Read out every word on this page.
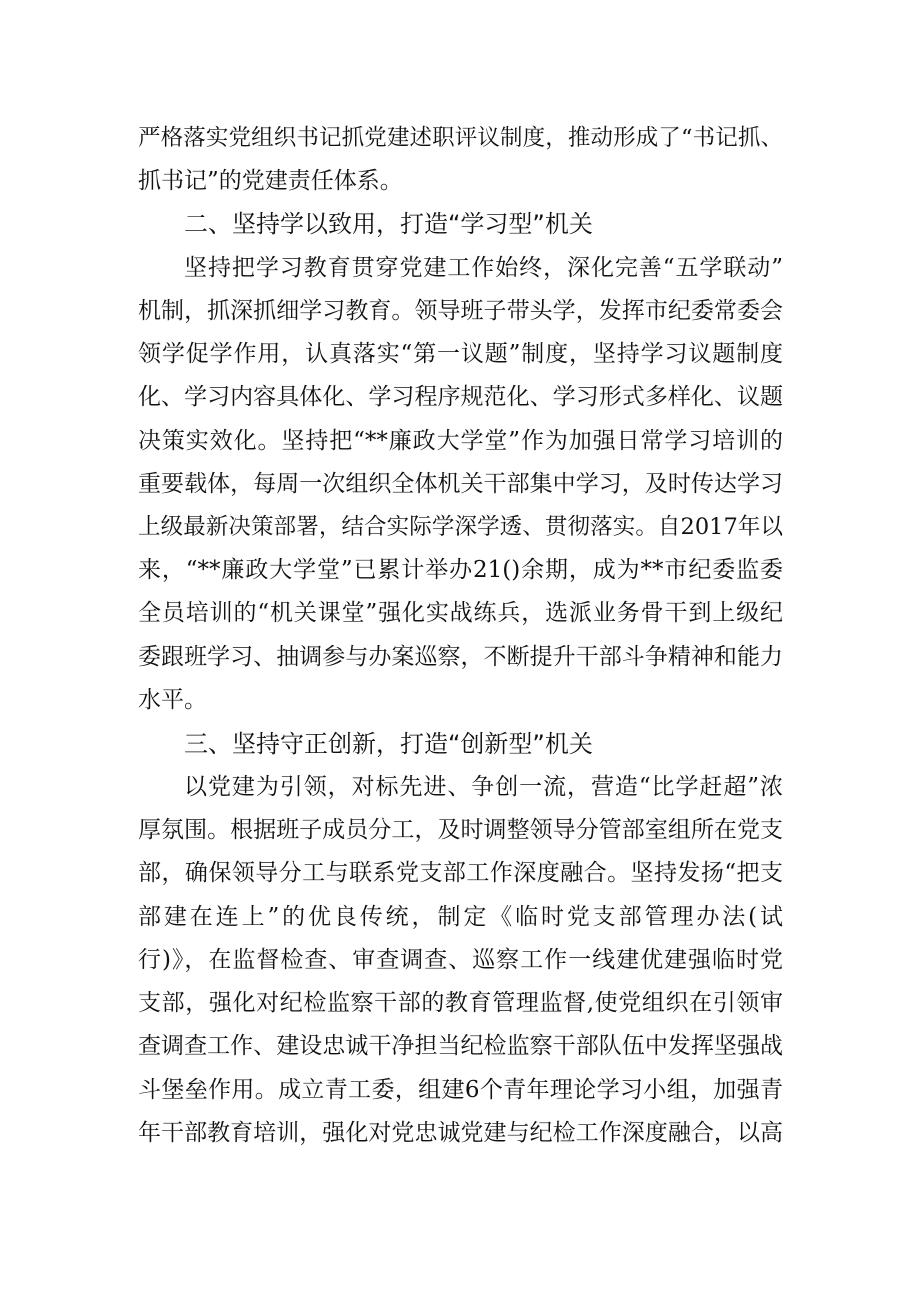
严格落实党组织书记抓党建述职评议制度，推动形成了“书记抓、
抓书记”的党建责任体系。
二、坚持学以致用，打造“学习型”机关
坚持把学习教育贯穿党建工作始终，深化完善“五学联动”
机制，抓深抓细学习教育。领导班子带头学，发挥市纪委常委会
领学促学作用，认真落实“第一议题”制度，坚持学习议题制度
化、学习内容具体化、学习程序规范化、学习形式多样化、议题
决策实效化。坚持把“**廉政大学堂”作为加强日常学习培训的
重要载体，每周一次组织全体机关干部集中学习，及时传达学习
上级最新决策部署，结合实际学深学透、贯彻落实。自2017年以
来，“**廉政大学堂”已累计举办21()余期，成为**市纪委监委
全员培训的“机关课堂”强化实战练兵，选派业务骨干到上级纪
委跟班学习、抽调参与办案巡察，不断提升干部斗争精神和能力
水平。
三、坚持守正创新，打造“创新型”机关
以党建为引领，对标先进、争创一流，营造“比学赶超”浓
厚氛围。根据班子成员分工，及时调整领导分管部室组所在党支
部，确保领导分工与联系党支部工作深度融合。坚持发扬“把支
部建在连上”的优良传统，制定《临时党支部管理办法(试
行)》，在监督检查、审查调查、巡察工作一线建优建强临时党
支部，强化对纪检监察干部的教育管理监督,使党组织在引领审
查调查工作、建设忠诚干净担当纪检监察干部队伍中发挥坚强战
斗堡垒作用。成立青工委，组建6个青年理论学习小组，加强青
年干部教育培训，强化对党忠诚党建与纪检工作深度融合，以高
